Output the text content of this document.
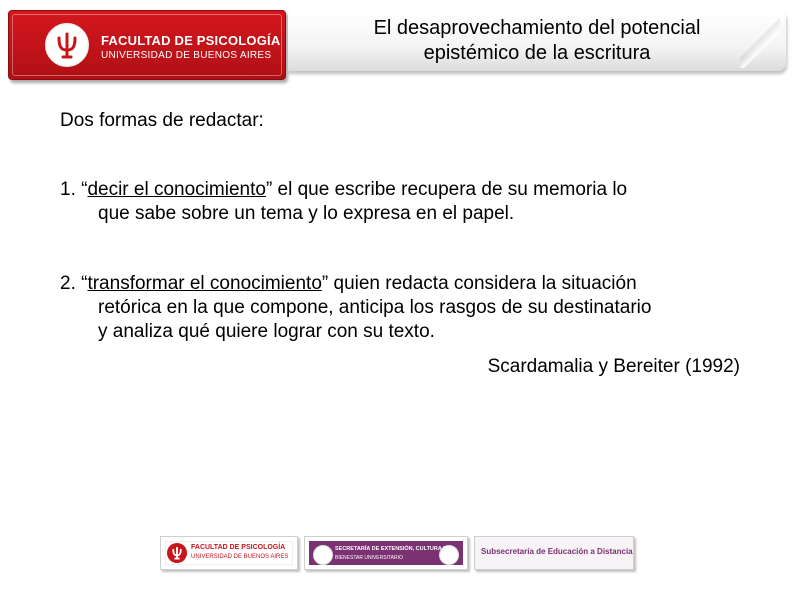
FACULTAD DE PSICOLOGÍA
UNIVERSIDAD DE BUENOS AIRES
El desaprovechamiento del potencial
epistémico de la escritura
Dos formas de redactar:
1. “decir el conocimiento” el que escribe recupera de su memoria lo
que sabe sobre un tema y lo expresa en el papel.
2. “transformar el conocimiento” quien redacta considera la situación
retórica en la que compone, anticipa los rasgos de su destinatario
y analiza qué quiere lograr con su texto.
Scardamalia y Bereiter (1992)
FACULTAD DE PSICOLOGÍA
UNIVERSIDAD DE BUENOS AIRES
SECRETARÍA DE EXTENSIÓN, CULTURA Y
BIENESTAR UNIVERSITARIO
Subsecretaría de Educación a Distancia
